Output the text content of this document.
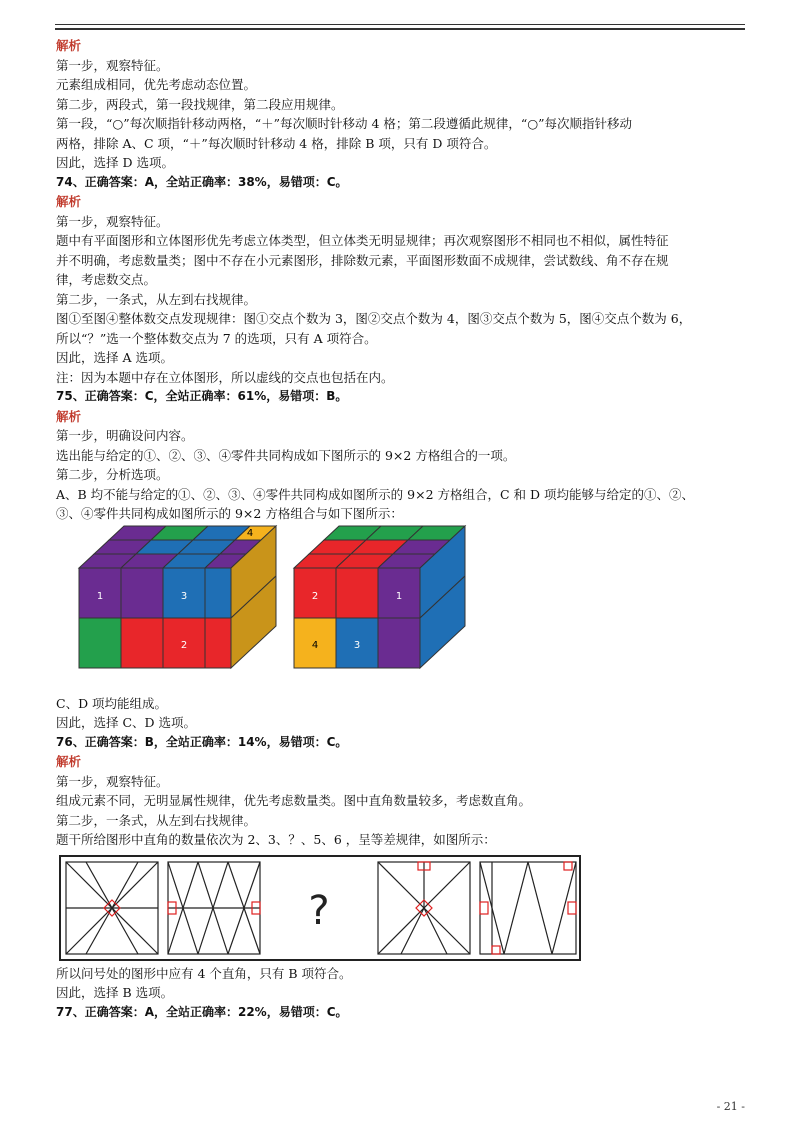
解析
第一步，观察特征。
元素组成相同，优先考虑动态位置。
第二步，两段式，第一段找规律，第二段应用规律。
第一段，“○”每次顺指针移动两格，“＋”每次顺时针移动 4 格；第二段遵循此规律，“○”每次顺指针移动
两格，排除 A、C 项，“＋”每次顺时针移动 4 格，排除 B 项，只有 D 项符合。
因此，选择 D 选项。
74、正确答案：A，全站正确率：38%，易错项：C。
解析
第一步，观察特征。
题中有平面图形和立体图形优先考虑立体类型，但立体类无明显规律；再次观察图形不相同也不相似，属性特征
并不明确，考虑数量类；图中不存在小元素图形，排除数元素，平面图形数面不成规律，尝试数线、角不存在规
律，考虑数交点。
第二步，一条式，从左到右找规律。
图①至图④整体数交点发现规律：图①交点个数为 3，图②交点个数为 4，图③交点个数为 5，图④交点个数为 6，
所以“？”选一个整体数交点为 7 的选项，只有 A 项符合。
因此，选择 A 选项。
注：因为本题中存在立体图形，所以虚线的交点也包括在内。
75、正确答案：C，全站正确率：61%，易错项：B。
解析
第一步，明确设问内容。
选出能与给定的①、②、③、④零件共同构成如下图所示的 9×2 方格组合的一项。
第二步，分析选项。
A、B 均不能与给定的①、②、③、④零件共同构成如图所示的 9×2 方格组合，C 和 D 项均能够与给定的①、②、
③、④零件共同构成如图所示的 9×2 方格组合与如下图所示：
1	3
2
4
2	1
4	3
C、D 项均能组成。
因此，选择 C、D 选项。
76、正确答案：B，全站正确率：14%，易错项：C。
解析
第一步，观察特征。
组成元素不同，无明显属性规律，优先考虑数量类。图中直角数量较多，考虑数直角。
第二步，一条式，从左到右找规律。
题干所给图形中直角的数量依次为 2、3、？、5、6 ，呈等差规律，如图所示：
?
所以问号处的图形中应有 4 个直角，只有 B 项符合。
因此，选择 B 选项。
77、正确答案：A，全站正确率：22%，易错项：C。
- 21 -
